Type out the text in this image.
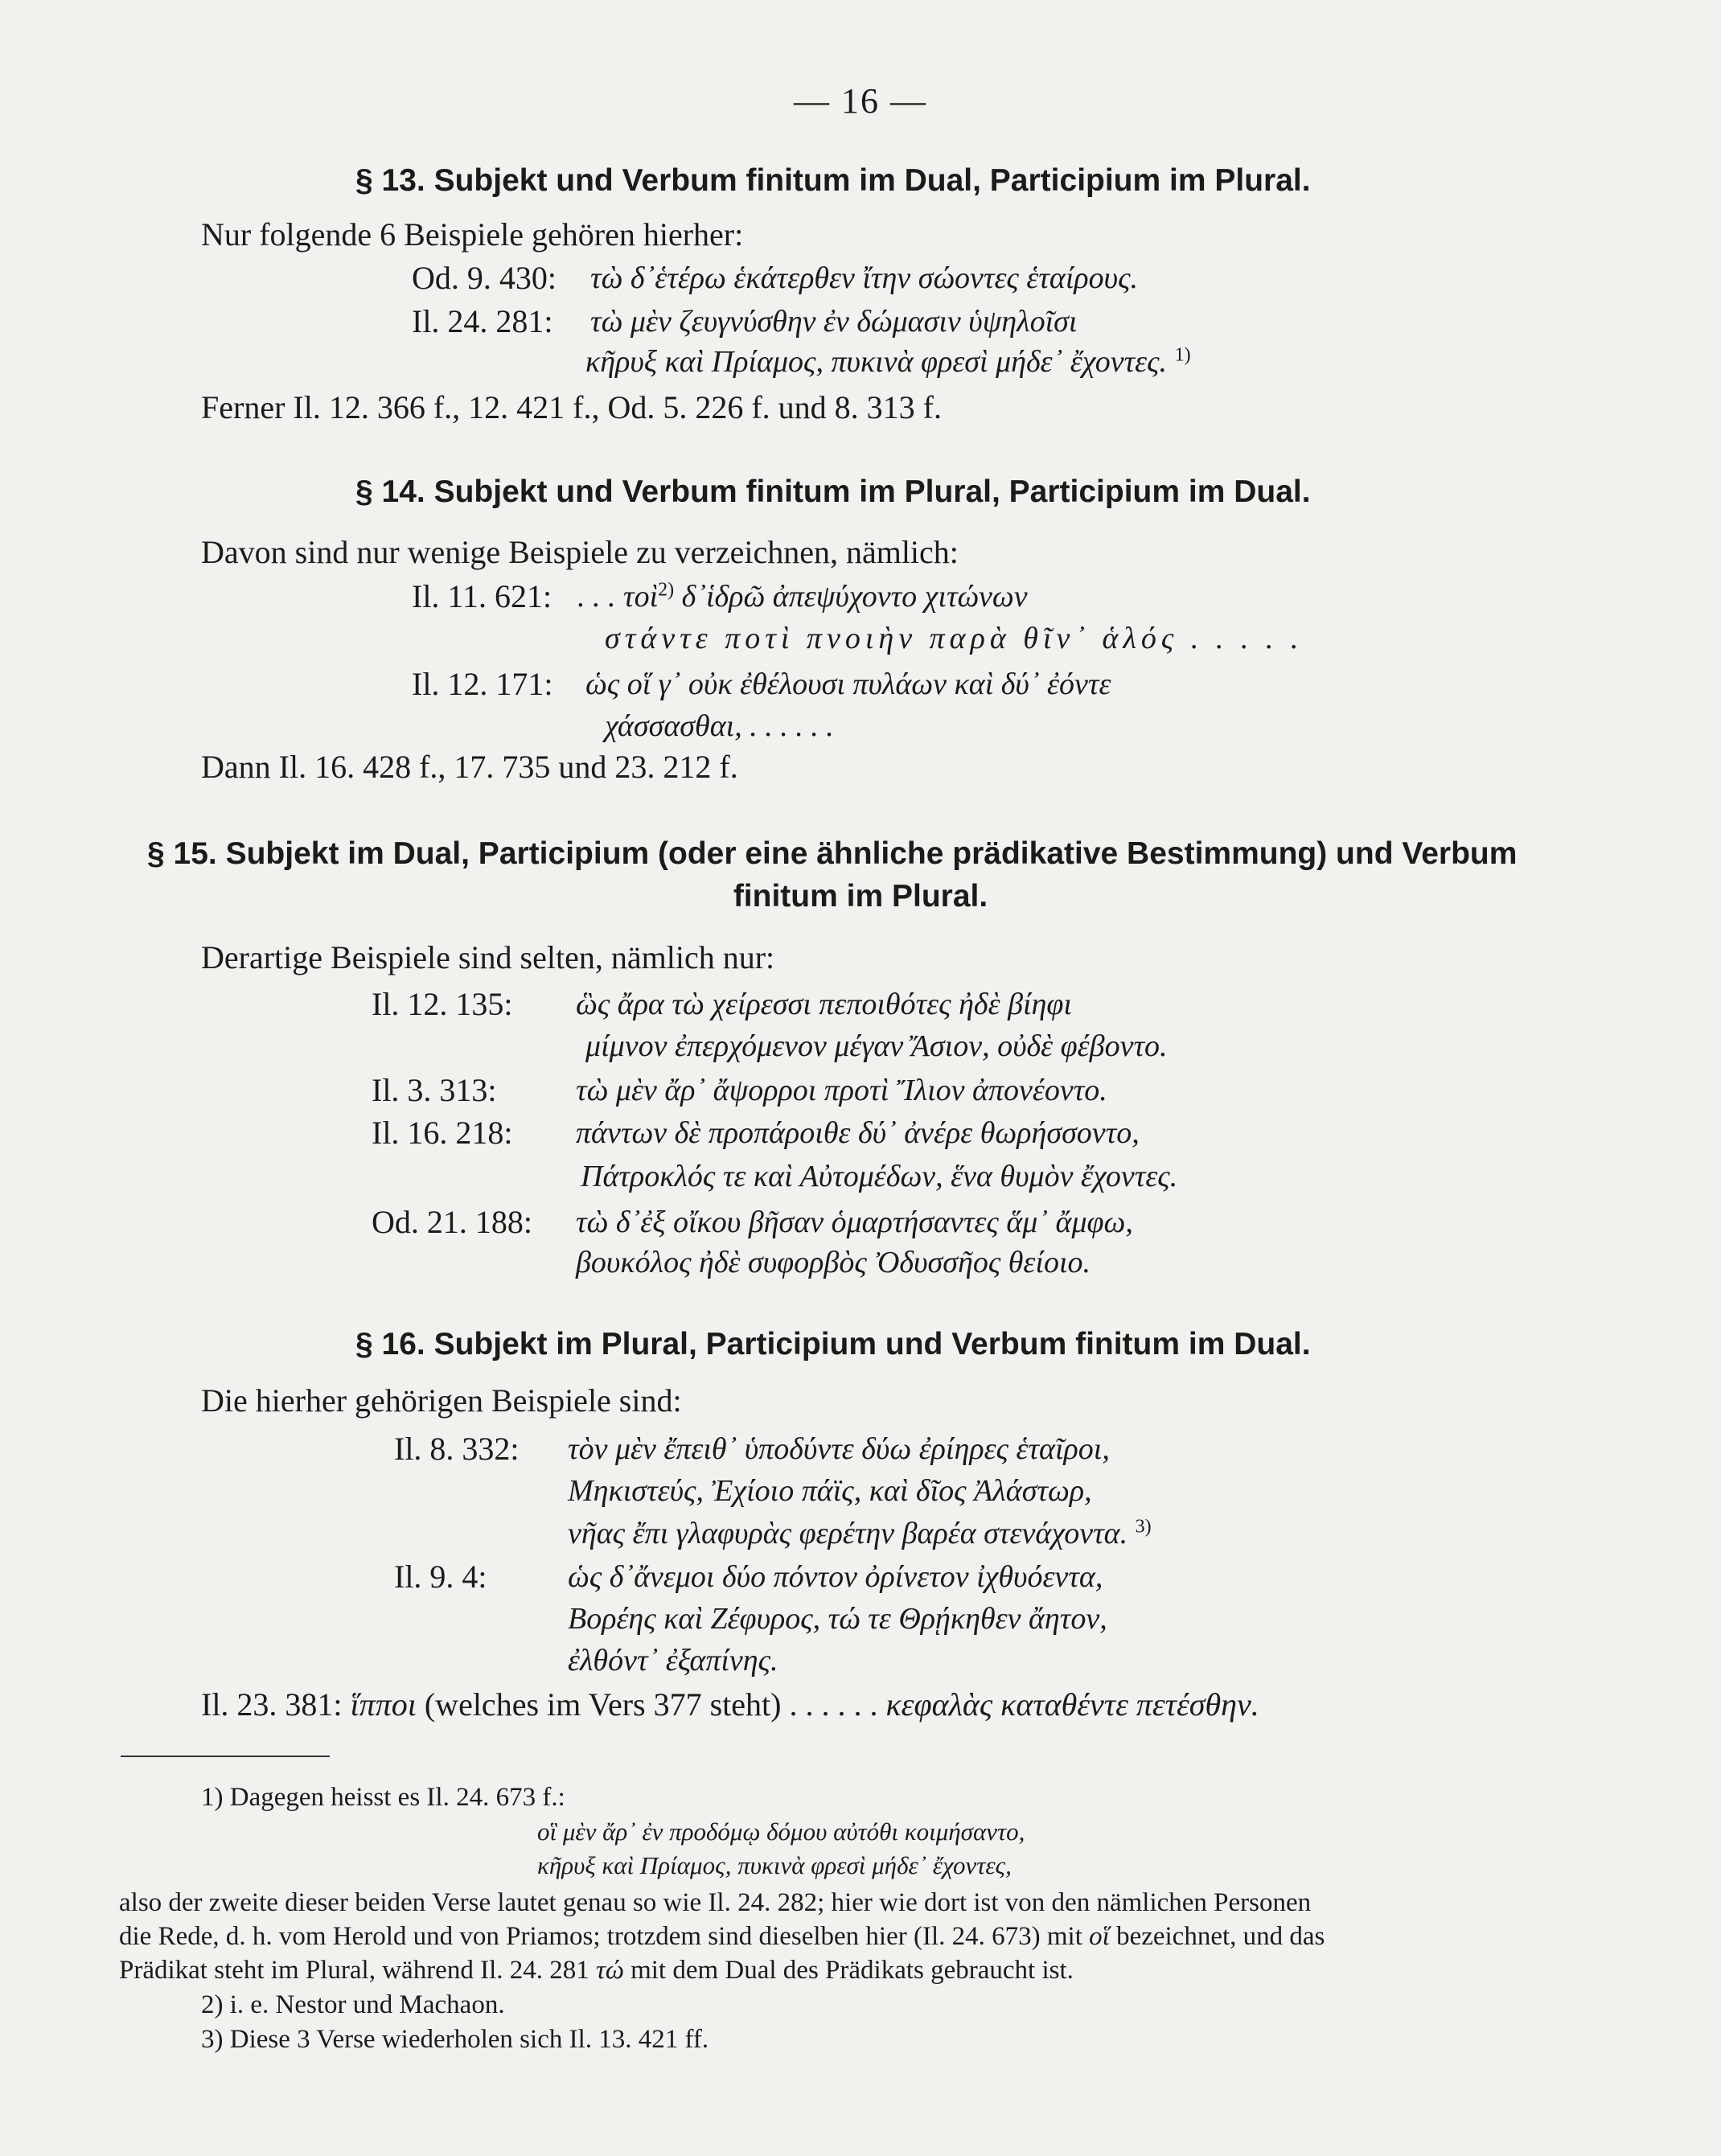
— 16 —
§ 13. Subjekt und Verbum finitum im Dual, Participium im Plural.
Nur folgende 6 Beispiele gehören hierher:
Od. 9. 430: τὼ δ᾽ἑτέρω ἑκάτερθεν ἴτην σώοντες ἑταίρους.
Il. 24. 281: τὼ μὲν ζευγνύσθην ἐν δώμασιν ὑψηλοῖσι
κῆρυξ καὶ Πρίαμος, πυκινὰ φρεσὶ μήδε᾽ ἔχοντες. $^{1)}$
Ferner Il. 12. 366 f., 12. 421 f., Od. 5. 226 f. und 8. 313 f.
§ 14. Subjekt und Verbum finitum im Plural, Participium im Dual.
Davon sind nur wenige Beispiele zu verzeichnen, nämlich:
Il. 11. 621: . . . τοὶ$^{2)}$ δ᾽ἱδρῶ ἀπεψύχοντο χιτώνων
στάντε ποτὶ πνοιὴν παρὰ θῖν᾽ ἁλός . . . . .
Il. 12. 171: ὡς οἵ γ᾽ οὐκ ἐθέλουσι πυλάων καὶ δύ᾽ ἐόντε
χάσσασθαι, . . . . . .
Dann Il. 16. 428 f., 17. 735 und 23. 212 f.
§ 15. Subjekt im Dual, Participium (oder eine ähnliche prädikative Bestimmung) und Verbum
finitum im Plural.
Derartige Beispiele sind selten, nämlich nur:
Il. 12. 135: ὣς ἄρα τὼ χείρεσσι πεποιθότες ἠδὲ βίηφι
μίμνον ἐπερχόμενον μέγαν Ἄσιον, οὐδὲ φέβοντο.
Il. 3. 313:	τὼ μὲν ἄρ᾽ ἄψορροι προτὶ Ἴλιον ἀπονέοντο.
Il. 16. 218: πάντων δὲ προπάροιθε δύ᾽ ἀνέρε θωρήσσοντο,
Πάτροκλός τε καὶ Αὐτομέδων, ἕνα θυμὸν ἔχοντες.
Od. 21. 188: τὼ δ᾽ἐξ οἴκου βῆσαν ὁμαρτήσαντες ἅμ᾽ ἄμφω,
βουκόλος ἠδὲ συφορβὸς Ὀδυσσῆος θείοιο.
§ 16. Subjekt im Plural, Participium und Verbum finitum im Dual.
Die hierher gehörigen Beispiele sind:
Il. 8. 332: τὸν μὲν ἔπειθ᾽ ὑποδύντε δύω ἐρίηρες ἑταῖροι,
Μηκιστεύς, Ἐχίοιο πάϊς, καὶ δῖος Ἀλάστωρ,
νῆας ἔπι γλαφυρὰς φερέτην βαρέα στενάχοντα. $^{3)}$
Il. 9. 4:	ὡς δ᾽ἄνεμοι δύο πόντον ὀρίνετον ἰχθυόεντα,
Βορέης καὶ Ζέφυρος, τώ τε Θρῄκηθεν ἄητον,
ἐλθόντ᾽ ἐξαπίνης.
Il. 23. 381: ἵπποι (welches im Vers 377 steht) . . . . . . κεφαλὰς καταθέντε πετέσθην.
1) Dagegen heisst es Il. 24. 673 f.:
οἳ μὲν ἄρ᾽ ἐν προδόμῳ δόμου αὐτόθι κοιμήσαντο,
κῆρυξ καὶ Πρίαμος, πυκινὰ φρεσὶ μήδε᾽ ἔχοντες,
also der zweite dieser beiden Verse lautet genau so wie Il. 24. 282; hier wie dort ist von den nämlichen Personen
die Rede, d. h. vom Herold und von Priamos; trotzdem sind dieselben hier (Il. 24. 673) mit οἵ bezeichnet, und das
Prädikat steht im Plural, während Il. 24. 281 τώ mit dem Dual des Prädikats gebraucht ist.
2) i. e. Nestor und Machaon.
3) Diese 3 Verse wiederholen sich Il. 13. 421 ff.
